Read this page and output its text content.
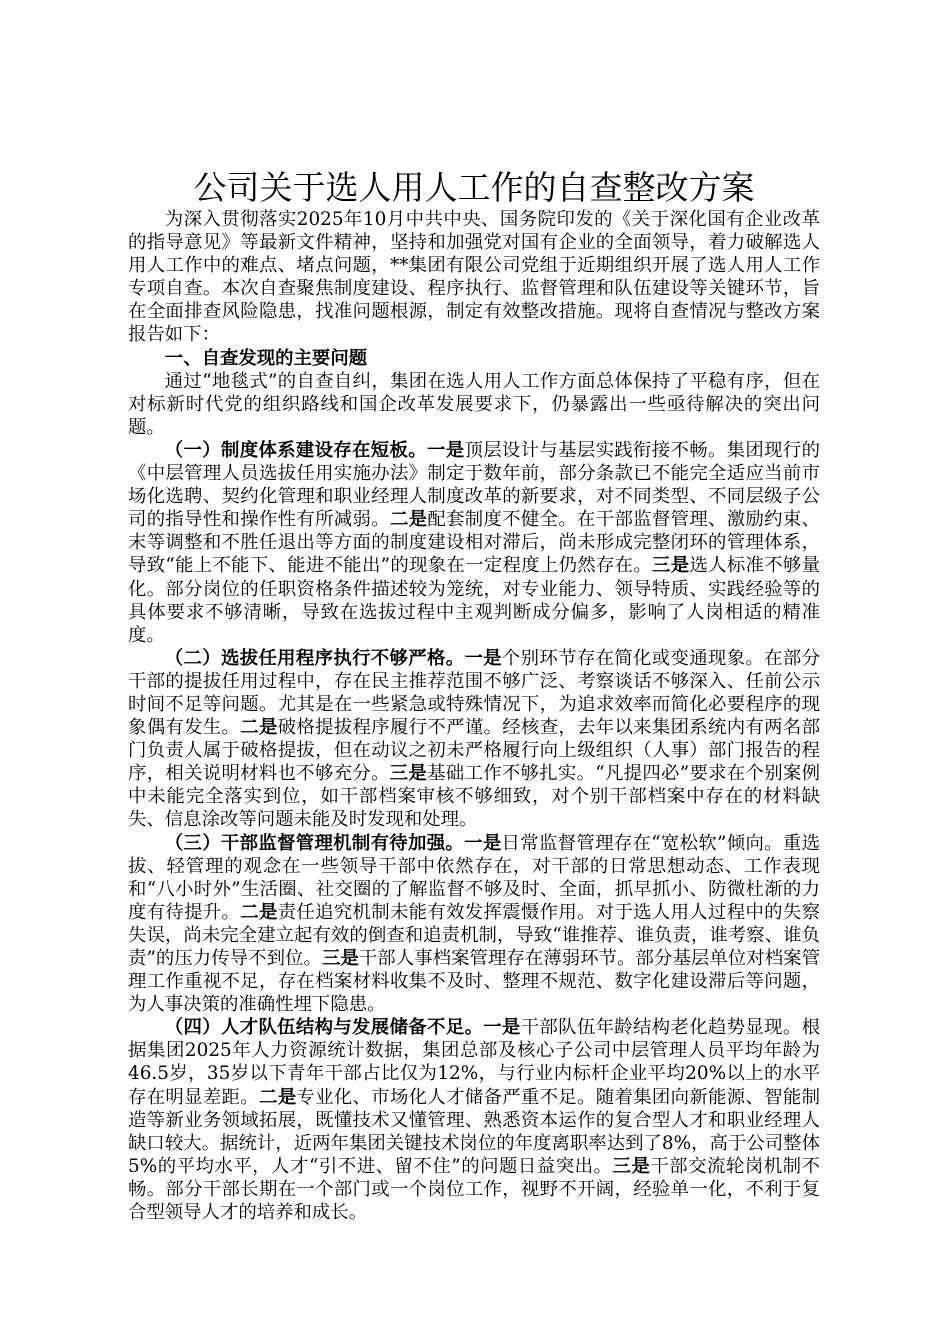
公司关于选人用人工作的自查整改方案

为深入贯彻落实2025年10月中共中央、国务院印发的《关于深化国有企业改革的指导意见》等最新文件精神，坚持和加强党对国有企业的全面领导，着力破解选人用人工作中的难点、堵点问题，**集团有限公司党组于近期组织开展了选人用人工作专项自查。本次自查聚焦制度建设、程序执行、监督管理和队伍建设等关键环节，旨在全面排查风险隐患，找准问题根源，制定有效整改措施。现将自查情况与整改方案报告如下：

一、自查发现的主要问题

通过“地毯式”的自查自纠，集团在选人用人工作方面总体保持了平稳有序，但在对标新时代党的组织路线和国企改革发展要求下，仍暴露出一些亟待解决的突出问题。

（一）制度体系建设存在短板。一是顶层设计与基层实践衔接不畅。集团现行的《中层管理人员选拔任用实施办法》制定于数年前，部分条款已不能完全适应当前市场化选聘、契约化管理和职业经理人制度改革的新要求，对不同类型、不同层级子公司的指导性和操作性有所减弱。二是配套制度不健全。在干部监督管理、激励约束、末等调整和不胜任退出等方面的制度建设相对滞后，尚未形成完整闭环的管理体系，导致“能上不能下、能进不能出”的现象在一定程度上仍然存在。三是选人标准不够量化。部分岗位的任职资格条件描述较为笼统，对专业能力、领导特质、实践经验等的具体要求不够清晰，导致在选拔过程中主观判断成分偏多，影响了人岗相适的精准度。

（二）选拔任用程序执行不够严格。一是个别环节存在简化或变通现象。在部分干部的提拔任用过程中，存在民主推荐范围不够广泛、考察谈话不够深入、任前公示时间不足等问题。尤其是在一些紧急或特殊情况下，为追求效率而简化必要程序的现象偶有发生。二是破格提拔程序履行不严谨。经核查，去年以来集团系统内有两名部门负责人属于破格提拔，但在动议之初未严格履行向上级组织（人事）部门报告的程序，相关说明材料也不够充分。三是基础工作不够扎实。“凡提四必”要求在个别案例中未能完全落实到位，如干部档案审核不够细致，对个别干部档案中存在的材料缺失、信息涂改等问题未能及时发现和处理。

（三）干部监督管理机制有待加强。一是日常监督管理存在“宽松软”倾向。重选拔、轻管理的观念在一些领导干部中依然存在，对干部的日常思想动态、工作表现和“八小时外”生活圈、社交圈的了解监督不够及时、全面，抓早抓小、防微杜渐的力度有待提升。二是责任追究机制未能有效发挥震慑作用。对于选人用人过程中的失察失误，尚未完全建立起有效的倒查和追责机制，导致“谁推荐、谁负责，谁考察、谁负责”的压力传导不到位。三是干部人事档案管理存在薄弱环节。部分基层单位对档案管理工作重视不足，存在档案材料收集不及时、整理不规范、数字化建设滞后等问题，为人事决策的准确性埋下隐患。

（四）人才队伍结构与发展储备不足。一是干部队伍年龄结构老化趋势显现。根据集团2025年人力资源统计数据，集团总部及核心子公司中层管理人员平均年龄为46.5岁，35岁以下青年干部占比仅为12%，与行业内标杆企业平均20%以上的水平存在明显差距。二是专业化、市场化人才储备严重不足。随着集团向新能源、智能制造等新业务领域拓展，既懂技术又懂管理、熟悉资本运作的复合型人才和职业经理人缺口较大。据统计，近两年集团关键技术岗位的年度离职率达到了8%，高于公司整体5%的平均水平，人才“引不进、留不住”的问题日益突出。三是干部交流轮岗机制不畅。部分干部长期在一个部门或一个岗位工作，视野不开阔，经验单一化，不利于复合型领导人才的培养和成长。
